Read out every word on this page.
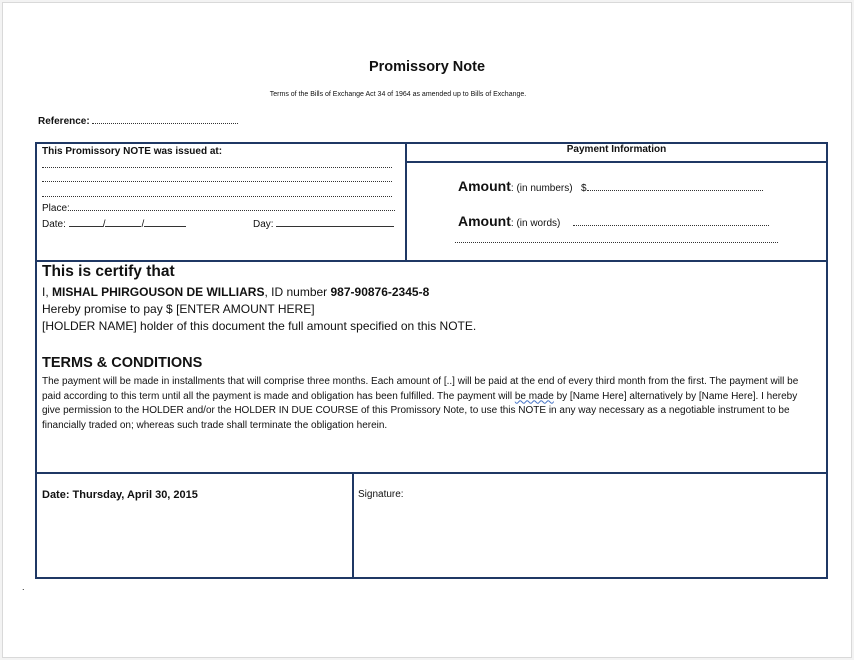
Promissory Note
Terms of the Bills of Exchange Act 34 of 1964 as amended up to Bills of Exchange.
Reference:
This Promissory NOTE was issued at:
Place:
Date:	/	/	Day:
Payment Information
Amount: (in numbers) $
Amount: (in words)
This is certify that
I, MISHAL PHIRGOUSON DE WILLIARS, ID number 987-90876-2345-8
Hereby promise to pay $ [ENTER AMOUNT HERE]
[HOLDER NAME] holder of this document the full amount specified on this NOTE.
TERMS & CONDITIONS
The payment will be made in installments that will comprise three months. Each amount of [..] will be paid at the end of every third month from the first. The payment will be paid according to this term until all the payment is made and obligation has been fulfilled. The payment will be made by [Name Here] alternatively by [Name Here]. I hereby give permission to the HOLDER and/or the HOLDER IN DUE COURSE of this Promissory Note, to use this NOTE in any way necessary as a negotiable instrument to be financially traded on; whereas such trade shall terminate the obligation herein.
Date: Thursday, April 30, 2015	Signature:
.
